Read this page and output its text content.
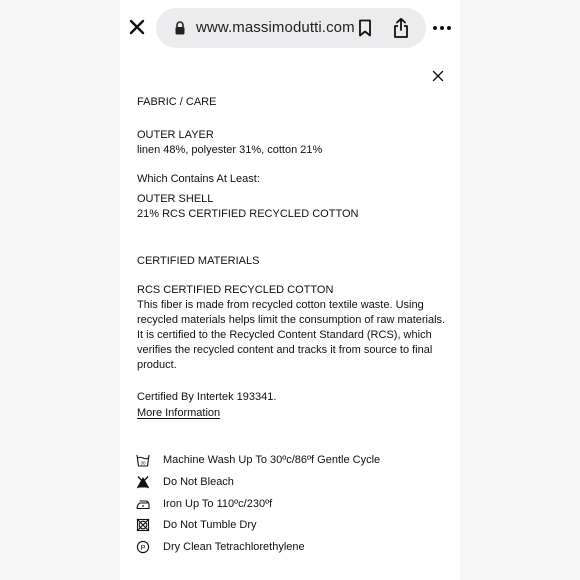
www.massimodutti.com
FABRIC / CARE
OUTER LAYER
linen 48%, polyester 31%, cotton 21%
Which Contains At Least:
OUTER SHELL
21% RCS CERTIFIED RECYCLED COTTON
CERTIFIED MATERIALS
RCS CERTIFIED RECYCLED COTTON
This fiber is made from recycled cotton textile waste. Using recycled materials helps limit the consumption of raw materials. It is certified to the Recycled Content Standard (RCS), which verifies the recycled content and tracks it from source to final product.
Certified By Intertek 193341.
More Information
30 Machine Wash Up To 30ºc/86ºf Gentle Cycle
Do Not Bleach
Iron Up To 110ºc/230ºf
Do Not Tumble Dry
P Dry Clean Tetrachlorethylene
